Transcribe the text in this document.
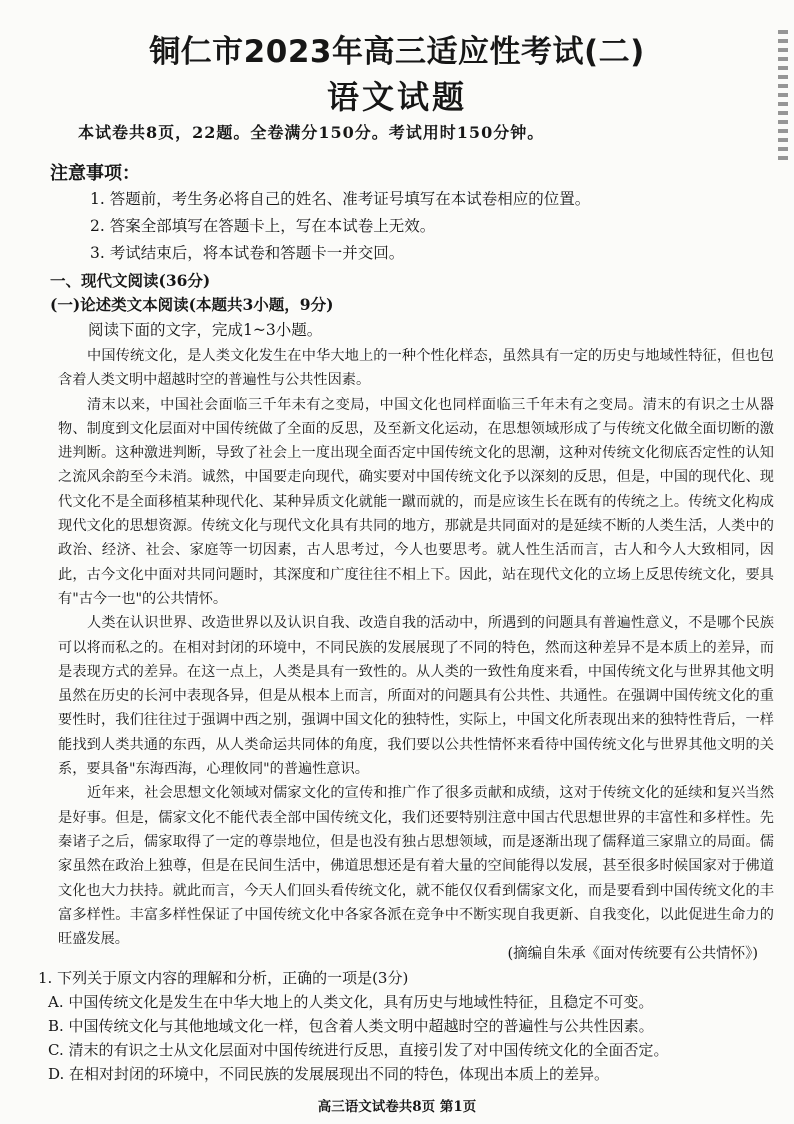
铜仁市2023年高三适应性考试(二)
语文试题
本试卷共8页，22题。全卷满分150分。考试用时150分钟。
注意事项：
1. 答题前，考生务必将自己的姓名、准考证号填写在本试卷相应的位置。
2. 答案全部填写在答题卡上，写在本试卷上无效。
3. 考试结束后，将本试卷和答题卡一并交回。
一、现代文阅读(36分)
(一)论述类文本阅读(本题共3小题，9分)
阅读下面的文字，完成1~3小题。

中国传统文化，是人类文化发生在中华大地上的一种个性化样态，虽然具有一定的历史与地域性特征，但也包含着人类文明中超越时空的普遍性与公共性因素。

清末以来，中国社会面临三千年未有之变局，中国文化也同样面临三千年未有之变局。清末的有识之士从器物、制度到文化层面对中国传统做了全面的反思，及至新文化运动，在思想领域形成了与传统文化做全面切断的激进判断。这种激进判断，导致了社会上一度出现全面否定中国传统文化的思潮，这种对传统文化彻底否定性的认知之流风余韵至今未消。诚然，中国要走向现代，确实要对中国传统文化予以深刻的反思，但是，中国的现代化、现代文化不是全面移植某种现代化、某种异质文化就能一蹴而就的，而是应该生长在既有的传统之上。传统文化构成现代文化的思想资源。传统文化与现代文化具有共同的地方，那就是共同面对的是延续不断的人类生活，人类中的政治、经济、社会、家庭等一切因素，古人思考过，今人也要思考。就人性生活而言，古人和今人大致相同，因此，古今文化中面对共同问题时，其深度和广度往往不相上下。因此，站在现代文化的立场上反思传统文化，要具有"古今一也"的公共情怀。

人类在认识世界、改造世界以及认识自我、改造自我的活动中，所遇到的问题具有普遍性意义，不是哪个民族可以将而私之的。在相对封闭的环境中，不同民族的发展展现了不同的特色，然而这种差异不是本质上的差异，而是表现方式的差异。在这一点上，人类是具有一致性的。从人类的一致性角度来看，中国传统文化与世界其他文明虽然在历史的长河中表现各异，但是从根本上而言，所面对的问题具有公共性、共通性。在强调中国传统文化的重要性时，我们往往过于强调中西之别，强调中国文化的独特性，实际上，中国文化所表现出来的独特性背后，一样能找到人类共通的东西，从人类命运共同体的角度，我们要以公共性情怀来看待中国传统文化与世界其他文明的关系，要具备"东海西海，心理攸同"的普遍性意识。

近年来，社会思想文化领域对儒家文化的宣传和推广作了很多贡献和成绩，这对于传统文化的延续和复兴当然是好事。但是，儒家文化不能代表全部中国传统文化，我们还要特别注意中国古代思想世界的丰富性和多样性。先秦诸子之后，儒家取得了一定的尊崇地位，但是也没有独占思想领域，而是逐渐出现了儒释道三家鼎立的局面。儒家虽然在政治上独尊，但是在民间生活中，佛道思想还是有着大量的空间能得以发展，甚至很多时候国家对于佛道文化也大力扶持。就此而言，今天人们回头看传统文化，就不能仅仅看到儒家文化，而是要看到中国传统文化的丰富多样性。丰富多样性保证了中国传统文化中各家各派在竞争中不断实现自我更新、自我变化，以此促进生命力的旺盛发展。

(摘编自朱承《面对传统要有公共情怀》)
1. 下列关于原文内容的理解和分析，正确的一项是(3分)
A. 中国传统文化是发生在中华大地上的人类文化，具有历史与地域性特征，且稳定不可变。
B. 中国传统文化与其他地域文化一样，包含着人类文明中超越时空的普遍性与公共性因素。
C. 清末的有识之士从文化层面对中国传统进行反思，直接引发了对中国传统文化的全面否定。
D. 在相对封闭的环境中，不同民族的发展展现出不同的特色，体现出本质上的差异。
高三语文试卷共8页 第1页
